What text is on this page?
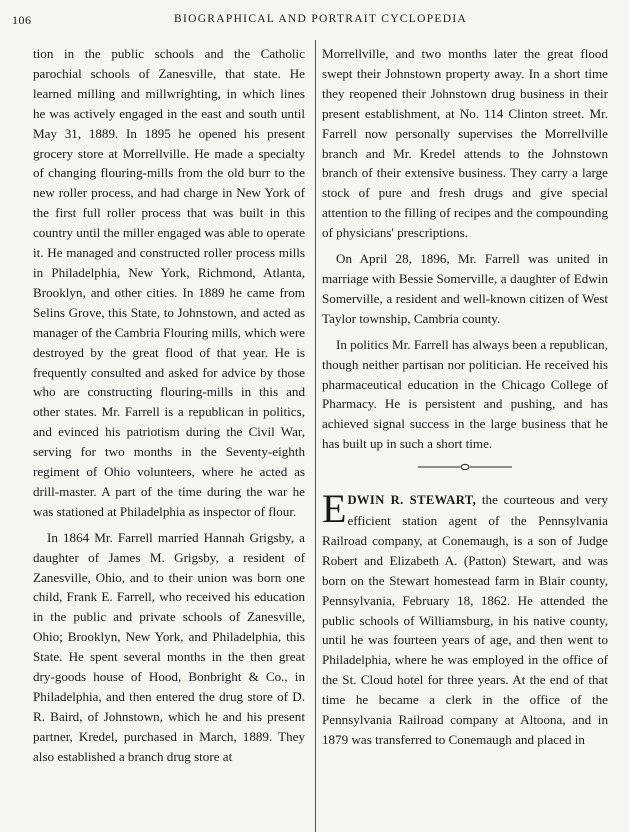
106	BIOGRAPHICAL AND PORTRAIT CYCLOPEDIA

tion in the public schools and the Catholic parochial schools of Zanesville, that state. He learned milling and millwrighting, in which lines he was actively engaged in the east and south until May 31, 1889. In 1895 he opened his present grocery store at Morrellville. He made a specialty of changing flouring-mills from the old burr to the new roller process, and had charge in New York of the first full roller process that was built in this country until the miller engaged was able to operate it. He managed and constructed roller process mills in Philadelphia, New York, Richmond, Atlanta, Brooklyn, and other cities. In 1889 he came from Selins Grove, this State, to Johnstown, and acted as manager of the Cambria Flouring mills, which were destroyed by the great flood of that year. He is frequently consulted and asked for advice by those who are constructing flouring-mills in this and other states. Mr. Farrell is a republican in politics, and evinced his patriotism during the Civil War, serving for two months in the Seventy-eighth regiment of Ohio volunteers, where he acted as drill-master. A part of the time during the war he was stationed at Philadelphia as inspector of flour.

In 1864 Mr. Farrell married Hannah Grigsby, a daughter of James M. Grigsby, a resident of Zanesville, Ohio, and to their union was born one child, Frank E. Farrell, who received his education in the public and private schools of Zanesville, Ohio; Brooklyn, New York, and Philadelphia, this State. He spent several months in the then great dry-goods house of Hood, Bonbright & Co., in Philadelphia, and then entered the drug store of D. R. Baird, of Johnstown, which he and his present partner, Kredel, purchased in March, 1889. They also established a branch drug store at

Morrellville, and two months later the great flood swept their Johnstown property away. In a short time they reopened their Johnstown drug business in their present establishment, at No. 114 Clinton street. Mr. Farrell now personally supervises the Morrellville branch and Mr. Kredel attends to the Johnstown branch of their extensive business. They carry a large stock of pure and fresh drugs and give special attention to the filling of recipes and the compounding of physicians' prescriptions.

On April 28, 1896, Mr. Farrell was united in marriage with Bessie Somerville, a daughter of Edwin Somerville, a resident and well-known citizen of West Taylor township, Cambria county.

In politics Mr. Farrell has always been a republican, though neither partisan nor politician. He received his pharmaceutical education in the Chicago College of Pharmacy. He is persistent and pushing, and has achieved signal success in the large business that he has built up in such a short time.

EDWIN R. STEWART, the courteous and very efficient station agent of the Pennsylvania Railroad company, at Conemaugh, is a son of Judge Robert and Elizabeth A. (Patton) Stewart, and was born on the Stewart homestead farm in Blair county, Pennsylvania, February 18, 1862. He attended the public schools of Williamsburg, in his native county, until he was fourteen years of age, and then went to Philadelphia, where he was employed in the office of the St. Cloud hotel for three years. At the end of that time he became a clerk in the office of the Pennsylvania Railroad company at Altoona, and in 1879 was transferred to Conemaugh and placed in
